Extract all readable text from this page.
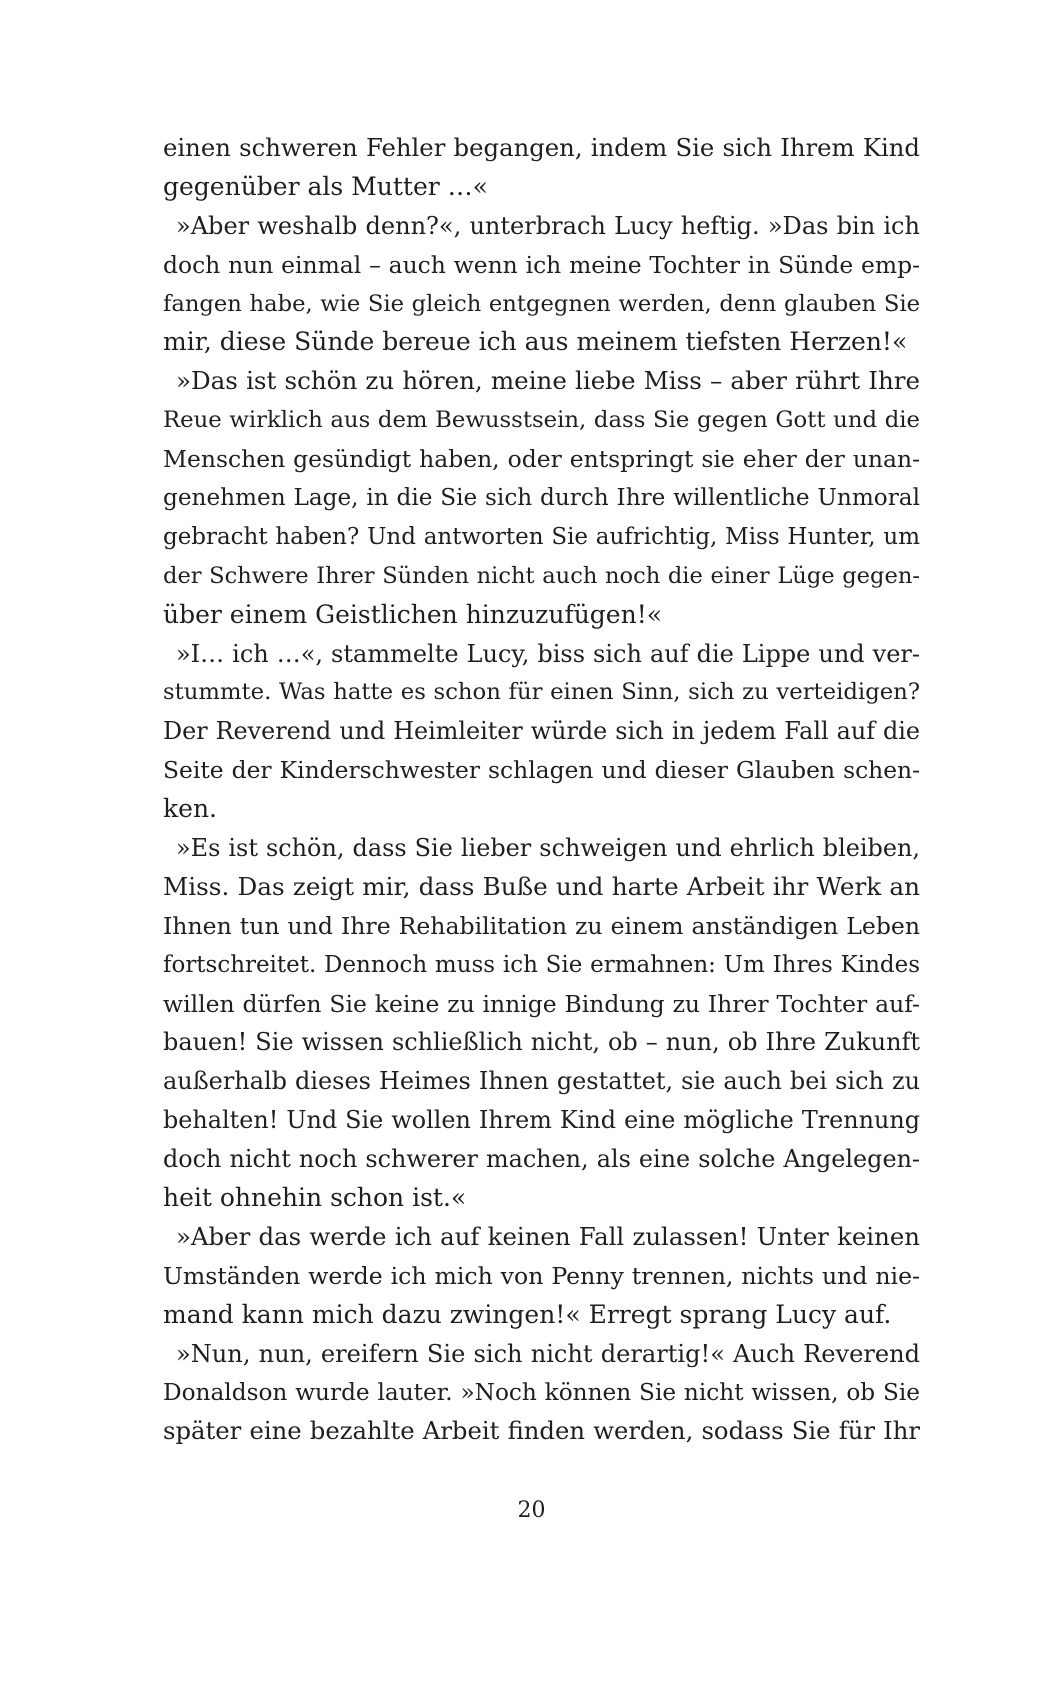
einen schweren Fehler begangen, indem Sie sich Ihrem Kind
gegenüber als Mutter …«
»Aber weshalb denn?«, unterbrach Lucy heftig. »Das bin ich
doch nun einmal – auch wenn ich meine Tochter in Sünde emp-
fangen habe, wie Sie gleich entgegnen werden, denn glauben Sie
mir, diese Sünde bereue ich aus meinem tiefsten Herzen!«
»Das ist schön zu hören, meine liebe Miss – aber rührt Ihre
Reue wirklich aus dem Bewusstsein, dass Sie gegen Gott und die
Menschen gesündigt haben, oder entspringt sie eher der unan-
genehmen Lage, in die Sie sich durch Ihre willentliche Unmoral
gebracht haben? Und antworten Sie aufrichtig, Miss Hunter, um
der Schwere Ihrer Sünden nicht auch noch die einer Lüge gegen-
über einem Geistlichen hinzuzufügen!«
»I… ich …«, stammelte Lucy, biss sich auf die Lippe und ver-
stummte. Was hatte es schon für einen Sinn, sich zu verteidigen?
Der Reverend und Heimleiter würde sich in jedem Fall auf die
Seite der Kinderschwester schlagen und dieser Glauben schen-
ken.
»Es ist schön, dass Sie lieber schweigen und ehrlich bleiben,
Miss. Das zeigt mir, dass Buße und harte Arbeit ihr Werk an
Ihnen tun und Ihre Rehabilitation zu einem anständigen Leben
fortschreitet. Dennoch muss ich Sie ermahnen: Um Ihres Kindes
willen dürfen Sie keine zu innige Bindung zu Ihrer Tochter auf-
bauen! Sie wissen schließlich nicht, ob – nun, ob Ihre Zukunft
außerhalb dieses Heimes Ihnen gestattet, sie auch bei sich zu
behalten! Und Sie wollen Ihrem Kind eine mögliche Trennung
doch nicht noch schwerer machen, als eine solche Angelegen-
heit ohnehin schon ist.«
»Aber das werde ich auf keinen Fall zulassen! Unter keinen
Umständen werde ich mich von Penny trennen, nichts und nie-
mand kann mich dazu zwingen!« Erregt sprang Lucy auf.
»Nun, nun, ereifern Sie sich nicht derartig!« Auch Reverend
Donaldson wurde lauter. »Noch können Sie nicht wissen, ob Sie
später eine bezahlte Arbeit finden werden, sodass Sie für Ihr
20
